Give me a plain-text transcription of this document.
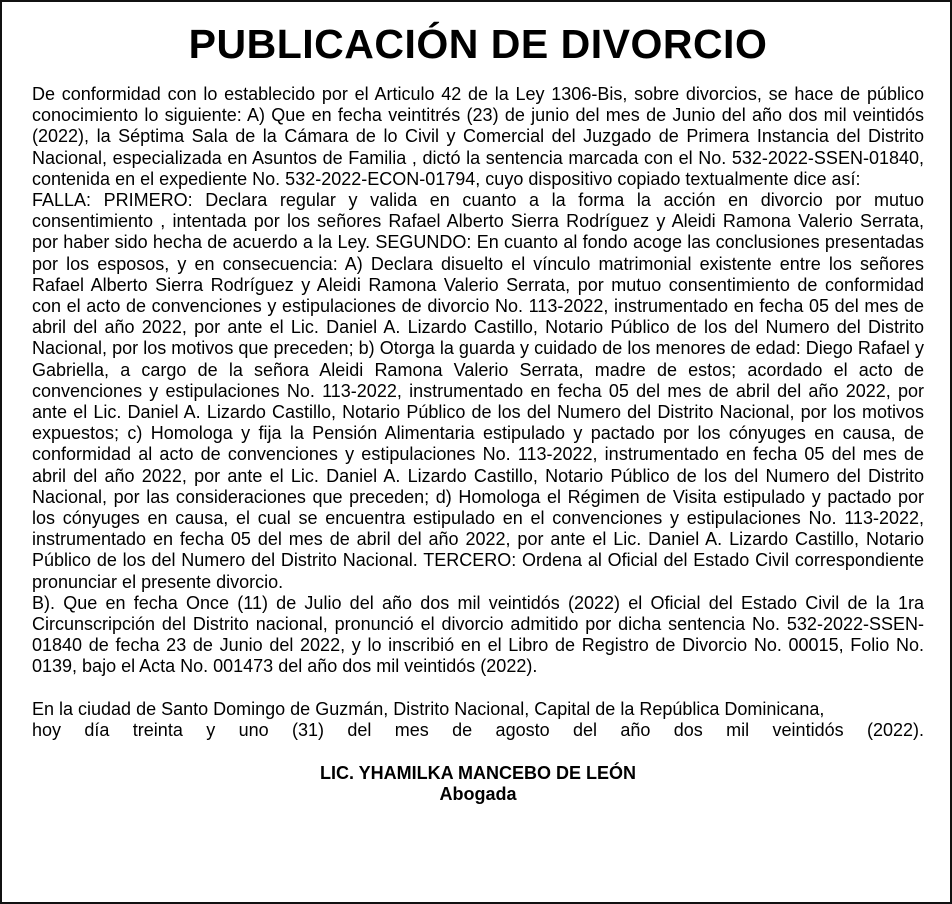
PUBLICACIÓN DE DIVORCIO

De conformidad con lo establecido por el Articulo 42 de la Ley 1306-Bis, sobre divorcios, se hace de público conocimiento lo siguiente: A) Que en fecha veintitrés (23) de junio del mes de Junio del año dos mil veintidós (2022), la Séptima Sala de la Cámara de lo Civil y Comercial del Juzgado de Primera Instancia del Distrito Nacional, especializada en Asuntos de Familia , dictó la sentencia marcada con el No. 532-2022-SSEN-01840, contenida en el expediente No. 532-2022-ECON-01794, cuyo dispositivo copiado textualmente dice así:

FALLA: PRIMERO: Declara regular y valida en cuanto a la forma la acción en divorcio por mutuo consentimiento , intentada por los señores Rafael Alberto Sierra Rodríguez y Aleidi Ramona Valerio Serrata, por haber sido hecha de acuerdo a la Ley. SEGUNDO: En cuanto al fondo acoge las conclusiones presentadas por los esposos, y en consecuencia: A) Declara disuelto el vínculo matrimonial existente entre los señores Rafael Alberto Sierra Rodríguez y Aleidi Ramona Valerio Serrata, por mutuo consentimiento de conformidad con el acto de convenciones y estipulaciones de divorcio No. 113-2022, instrumentado en fecha 05 del mes de abril del año 2022, por ante el Lic. Daniel A. Lizardo Castillo, Notario Público de los del Numero del Distrito Nacional, por los motivos que preceden; b) Otorga la guarda y cuidado de los menores de edad: Diego Rafael y Gabriella, a cargo de la señora Aleidi Ramona Valerio Serrata, madre de estos; acordado el acto de convenciones y estipulaciones No. 113-2022, instrumentado en fecha 05 del mes de abril del año 2022, por ante el Lic. Daniel A. Lizardo Castillo, Notario Público de los del Numero del Distrito Nacional, por los motivos expuestos; c) Homologa y fija la Pensión Alimentaria estipulado y pactado por los cónyuges en causa, de conformidad al acto de convenciones y estipulaciones No. 113-2022, instrumentado en fecha 05 del mes de abril del año 2022, por ante el Lic. Daniel A. Lizardo Castillo, Notario Público de los del Numero del Distrito Nacional, por las consideraciones que preceden; d) Homologa el Régimen de Visita estipulado y pactado por los cónyuges en causa, el cual se encuentra estipulado en el convenciones y estipulaciones No. 113-2022, instrumentado en fecha 05 del mes de abril del año 2022, por ante el Lic. Daniel A. Lizardo Castillo, Notario Público de los del Numero del Distrito Nacional. TERCERO: Ordena al Oficial del Estado Civil correspondiente pronunciar el presente divorcio.

B). Que en fecha Once (11) de Julio del año dos mil veintidós (2022) el Oficial del Estado Civil de la 1ra Circunscripción del Distrito nacional, pronunció el divorcio admitido por dicha sentencia No. 532-2022-SSEN-01840 de fecha 23 de Junio del 2022, y lo inscribió en el Libro de Registro de Divorcio No. 00015, Folio No. 0139, bajo el Acta No. 001473 del año dos mil veintidós (2022).

En la ciudad de Santo Domingo de Guzmán, Distrito Nacional, Capital de la República Dominicana,

hoy día treinta y uno (31) del mes de agosto del año dos mil veintidós (2022).

LIC. YHAMILKA MANCEBO DE LEÓN
Abogada
